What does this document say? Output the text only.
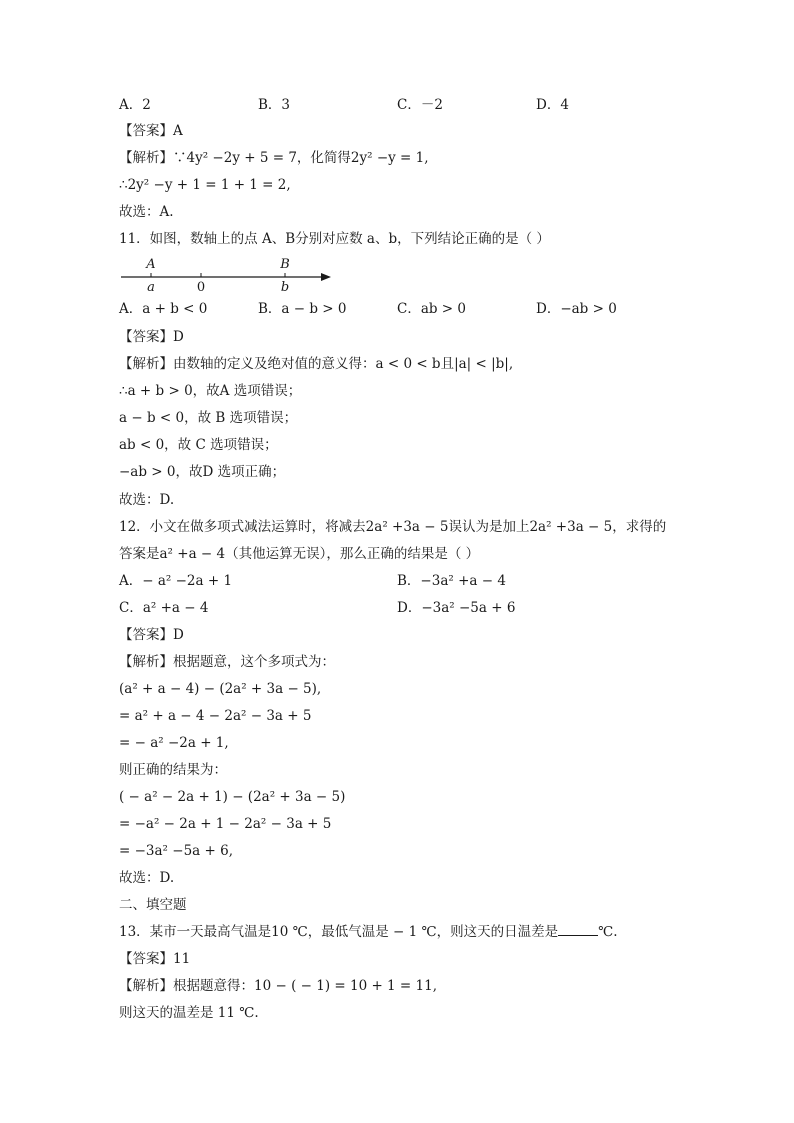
A．2	B．3	C．－2	D．4
【答案】A
【解析】∵4y² −2y + 5 = 7，化简得2y² −y = 1,
∴2y² −y + 1 = 1 + 1 = 2,
故选：A.
11．如图，数轴上的点 A、B分别对应数 a、b，下列结论正确的是（ ）
A	B
a	0	b
A．a + b < 0	B．a − b > 0	C．ab > 0	D．−ab > 0
【答案】D
【解析】由数轴的定义及绝对值的意义得：a < 0 < b且|a| < |b|,
∴a + b > 0，故A 选项错误；
a − b < 0，故 B 选项错误；
ab < 0，故 C 选项错误；
−ab > 0，故D 选项正确；
故选：D.
12．小文在做多项式减法运算时，将减去2a² +3a − 5误认为是加上2a² +3a − 5，求得的
答案是a² +a − 4（其他运算无误），那么正确的结果是（ ）
A．− a² −2a + 1	B．−3a² +a − 4
C．a² +a − 4	D．−3a² −5a + 6
【答案】D
【解析】根据题意，这个多项式为：
(a² + a − 4) − (2a² + 3a − 5),
= a² + a − 4 − 2a² − 3a + 5
= − a² −2a + 1,
则正确的结果为：
( − a² − 2a + 1) − (2a² + 3a − 5)
= −a² − 2a + 1 − 2a² − 3a + 5
= −3a² −5a + 6,
故选：D.
二、填空题
13．某市一天最高气温是10 ℃，最低气温是 − 1 ℃，则这天的日温差是	℃.
【答案】11
【解析】根据题意得：10 − ( − 1) = 10 + 1 = 11,
则这天的温差是 11 ℃.
